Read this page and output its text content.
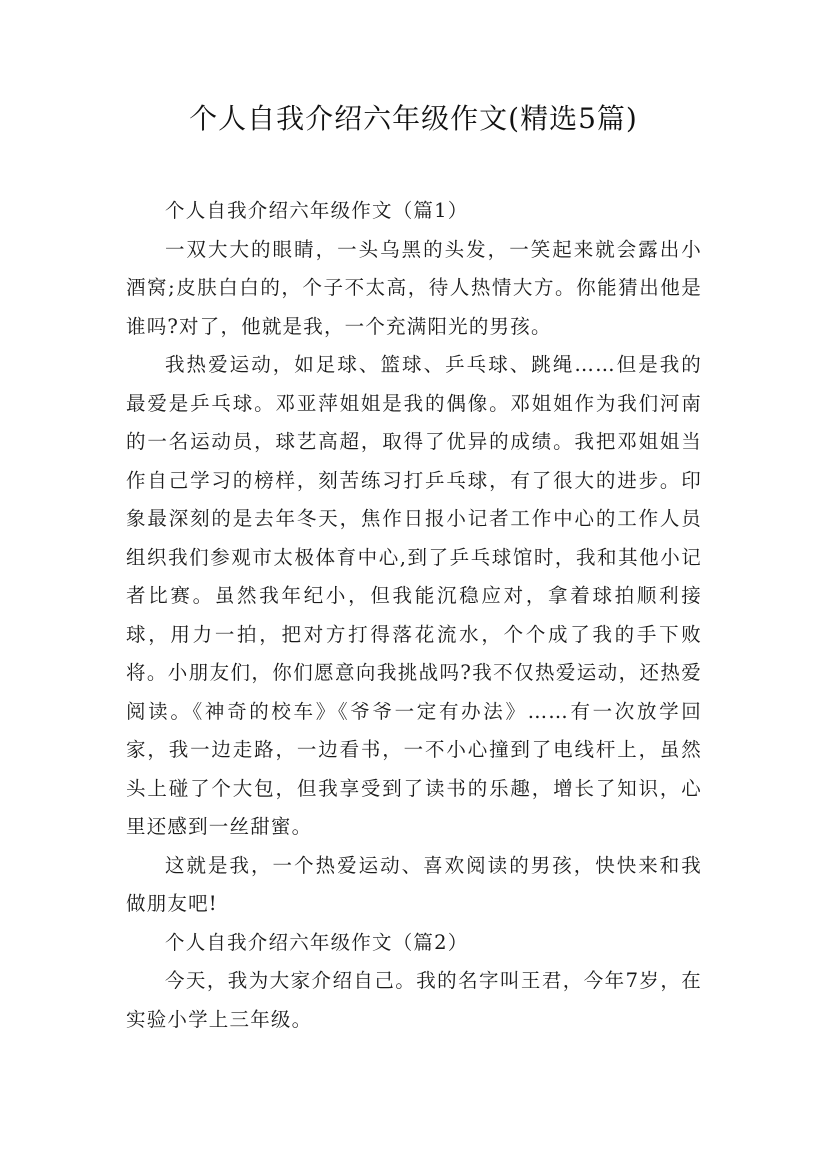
个人自我介绍六年级作文(精选5篇)

个人自我介绍六年级作文（篇1）

一双大大的眼睛，一头乌黑的头发，一笑起来就会露出小酒窝;皮肤白白的，个子不太高，待人热情大方。你能猜出他是谁吗?对了，他就是我，一个充满阳光的男孩。

我热爱运动，如足球、篮球、乒乓球、跳绳……但是我的最爱是乒乓球。邓亚萍姐姐是我的偶像。邓姐姐作为我们河南的一名运动员，球艺高超，取得了优异的成绩。我把邓姐姐当作自己学习的榜样，刻苦练习打乒乓球，有了很大的进步。印象最深刻的是去年冬天，焦作日报小记者工作中心的工作人员组织我们参观市太极体育中心,到了乒乓球馆时，我和其他小记者比赛。虽然我年纪小，但我能沉稳应对，拿着球拍顺利接球，用力一拍，把对方打得落花流水，个个成了我的手下败将。小朋友们，你们愿意向我挑战吗?我不仅热爱运动，还热爱阅读。《神奇的校车》《爷爷一定有办法》……有一次放学回家，我一边走路，一边看书，一不小心撞到了电线杆上，虽然头上碰了个大包，但我享受到了读书的乐趣，增长了知识，心里还感到一丝甜蜜。

这就是我，一个热爱运动、喜欢阅读的男孩，快快来和我做朋友吧!

个人自我介绍六年级作文（篇2）

今天，我为大家介绍自己。我的名字叫王君，今年7岁，在实验小学上三年级。
